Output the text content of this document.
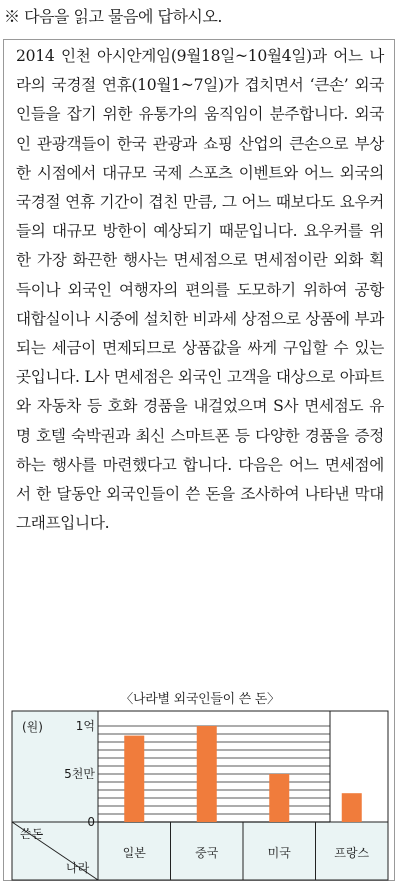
※ 다음을 읽고 물음에 답하시오.
2014 인천 아시안게임(9월18일~10월4일)과 어느 나라의 국경절 연휴(10월1~7일)가 겹치면서 ‘큰손’ 외국인들을 잡기 위한 유통가의 움직임이 분주합니다. 외국인 관광객들이 한국 관광과 쇼핑 산업의 큰손으로 부상한 시점에서 대규모 국제 스포츠 이벤트와 어느 외국의 국경절 연휴 기간이 겹친 만큼, 그 어느 때보다도 요우커들의 대규모 방한이 예상되기 때문입니다. 요우커를 위한 가장 화끈한 행사는 면세점으로 면세점이란 외화 획득이나 외국인 여행자의 편의를 도모하기 위하여 공항 대합실이나 시중에 설치한 비과세 상점으로 상품에 부과되는 세금이 면제되므로 상품값을 싸게 구입할 수 있는 곳입니다. L사 면세점은 외국인 고객을 대상으로 아파트와 자동차 등 호화 경품을 내걸었으며 S사 면세점도 유명 호텔 숙박권과 최신 스마트폰 등 다양한 경품을 증정하는 행사를 마련했다고 합니다. 다음은 어느 면세점에서 한 달동안 외국인들이 쓴 돈을 조사하여 나타낸 막대그래프입니다.
〈나라별 외국인들이 쓴 돈〉
1억
5천만
0
(원)
쓴돈
나라
일본	중국	미국	프랑스
